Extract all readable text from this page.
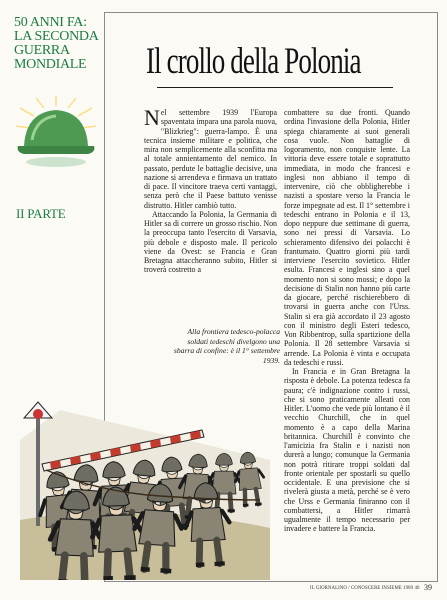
50 ANNI FA:
LA SECONDA
GUERRA
MONDIALE
II PARTE
Il crollo della Polonia

Nel settembre 1939 l'Europa spaventata impara una parola nuova, "Blizkrieg": guerra-lampo. È una tecnica insieme militare e politica, che mira non semplicemente alla sconfitta ma al totale annientamento del nemico. In passato, perdute le battaglie decisive, una nazione si arrendeva e firmava un trattato di pace. Il vincitore traeva certi vantaggi, senza però che il Paese battuto venisse distrutto. Hitler cambiò tutto.

Attaccando la Polonia, la Germania di Hitler sa di correre un grosso rischio. Non la preoccupa tanto l'esercito di Varsavia, più debole e disposto male. Il pericolo viene da Ovest: se Francia e Gran Bretagna attaccheranno subito, Hitler si troverà costretto a

combattere su due fronti. Quando ordina l'invasione della Polonia, Hitler spiega chiaramente ai suoi generali cosa vuole. Non battaglie di logoramento, non conquiste lente. La vittoria deve essere totale e soprattutto immediata, in modo che francesi e inglesi non abbiano il tempo di intervenire, ciò che obbligherebbe i nazisti a spostare verso la Francia le forze impegnate ad est. Il 1° settembre i tedeschi entrano in Polonia e il 13, dopo neppure due settimane di guerra, sono nei pressi di Varsavia. Lo schieramento difensivo dei polacchi è frantumato. Quattro giorni più tardi interviene l'esercito sovietico. Hitler esulta. Francesi e inglesi sino a quel momento non si sono mossi; e dopo la decisione di Stalin non hanno più carte da giocare, perché rischierebbero di trovarsi in guerra anche con l'Urss. Stalin si era già accordato il 23 agosto con il ministro degli Esteri tedesco, Von Ribbentrop, sulla spartizione della Polonia. Il 28 settembre Varsavia si arrende. La Polonia è vinta e occupata da tedeschi e russi.

In Francia e in Gran Bretagna la risposta è debole. La potenza tedesca fa paura; c'è indignazione contro i russi, che si sono praticamente alleati con Hitler. L'uomo che vede più lontano è il vecchio Churchill, che in quel momento è a capo della Marina britannica. Churchill è convinto che l'amicizia fra Stalin e i nazisti non durerà a lungo; comunque la Germania non potrà ritirare troppi soldati dal fronte orientale per spostarli su quello occidentale. E una previsione che si rivelerà giusta a metà, perché se è vero che Urss e Germania finiranno con il combattersi, a Hitler rimarrà ugualmente il tempo necessario per invadere e battere la Francia.

Alla frontiera tedesco-polacca soldati tedeschi divelgono una sbarra di confine: è il 1° settembre 1939.
IL GIORNALINO / CONOSCERE INSIEME 1989 40 39
